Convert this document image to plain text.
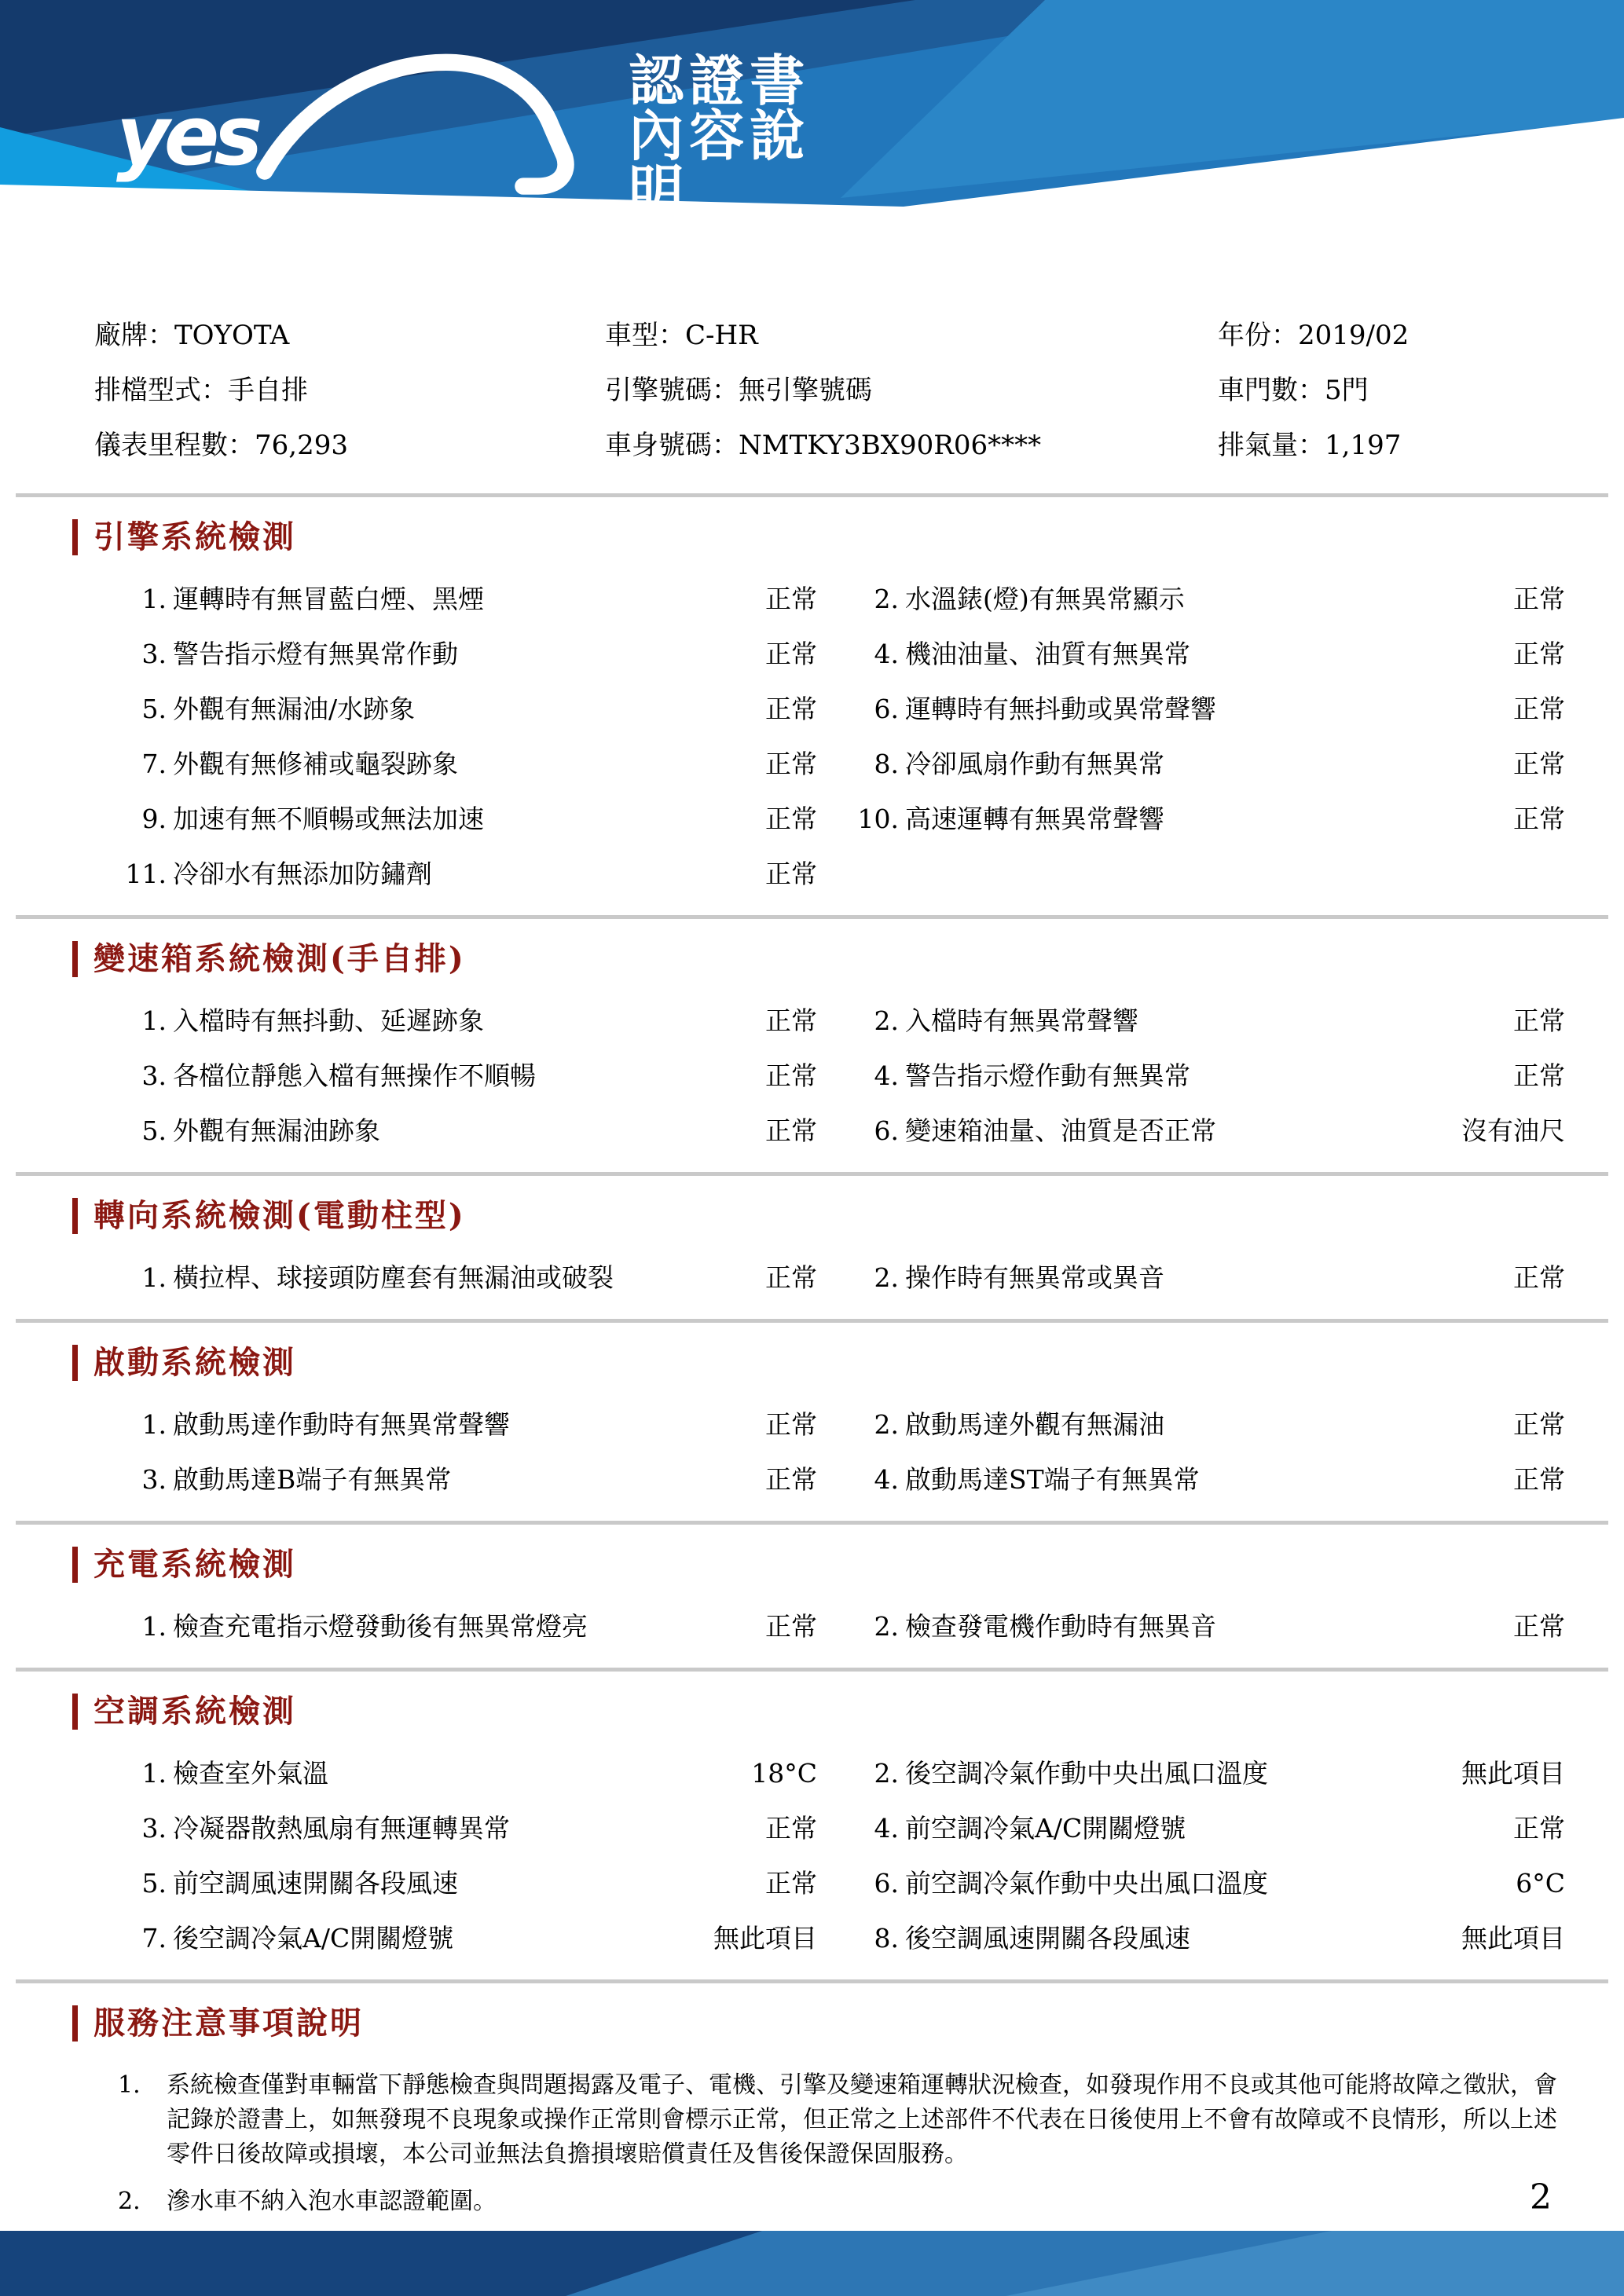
yes
認證書內容說明
廠牌：TOYOTA	車型：C-HR	年份：2019/02
排檔型式：手自排	引擎號碼：無引擎號碼	車門數：5門
儀表里程數：76,293	車身號碼：NMTKY3BX90R06****	排氣量：1,197
引擎系統檢測
1. 運轉時有無冒藍白煙、黑煙	正常	2. 水溫錶(燈)有無異常顯示	正常
3. 警告指示燈有無異常作動	正常	4. 機油油量、油質有無異常	正常
5. 外觀有無漏油/水跡象	正常	6. 運轉時有無抖動或異常聲響	正常
7. 外觀有無修補或龜裂跡象	正常	8. 冷卻風扇作動有無異常	正常
9. 加速有無不順暢或無法加速	正常 10. 高速運轉有無異常聲響	正常
11. 冷卻水有無添加防鏽劑	正常
變速箱系統檢測(手自排)
1. 入檔時有無抖動、延遲跡象	正常	2. 入檔時有無異常聲響	正常
3. 各檔位靜態入檔有無操作不順暢	正常	4. 警告指示燈作動有無異常	正常
5. 外觀有無漏油跡象	正常	6. 變速箱油量、油質是否正常	沒有油尺
轉向系統檢測(電動柱型)
1. 橫拉桿、球接頭防塵套有無漏油或破裂	正常	2. 操作時有無異常或異音	正常
啟動系統檢測
1. 啟動馬達作動時有無異常聲響	正常	2. 啟動馬達外觀有無漏油	正常
3. 啟動馬達B端子有無異常	正常	4. 啟動馬達ST端子有無異常	正常
充電系統檢測
1. 檢查充電指示燈發動後有無異常燈亮	正常	2. 檢查發電機作動時有無異音	正常
空調系統檢測
1. 檢查室外氣溫	18°C	2. 後空調冷氣作動中央出風口溫度	無此項目
3. 冷凝器散熱風扇有無運轉異常	正常	4. 前空調冷氣A/C開關燈號	正常
5. 前空調風速開關各段風速	正常	6. 前空調冷氣作動中央出風口溫度	6°C
7. 後空調冷氣A/C開關燈號	無此項目	8. 後空調風速開關各段風速	無此項目
服務注意事項說明
1.	系統檢查僅對車輛當下靜態檢查與問題揭露及電子、電機、引擎及變速箱運轉狀況檢查，如發現作用不良或其他可能將故障之徵狀，會記錄於證書上，如無發現不良現象或操作正常則會標示正常，但正常之上述部件不代表在日後使用上不會有故障或不良情形，所以上述零件日後故障或損壞，本公司並無法負擔損壞賠償責任及售後保證保固服務。
2.	滲水車不納入泡水車認證範圍。	2
